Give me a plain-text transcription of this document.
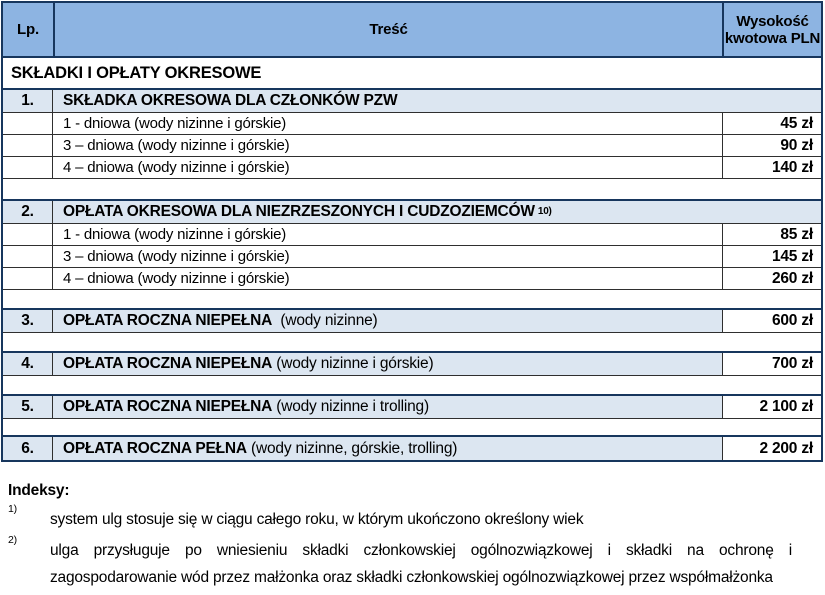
Lp.	Treść	Wysokość kwotowa PLN
SKŁADKI I OPŁATY OKRESOWE
1.	SKŁADKA OKRESOWA DLA CZŁONKÓW PZW
1 - dniowa (wody nizinne i górskie)	45 zł
3 – dniowa (wody nizinne i górskie)	90 zł
4 – dniowa (wody nizinne i górskie)	140 zł
2.	OPŁATA OKRESOWA DLA NIEZRZESZONYCH I CUDZOZIEMCÓW 10)
1 - dniowa (wody nizinne i górskie)	85 zł
3 – dniowa (wody nizinne i górskie)	145 zł
4 – dniowa (wody nizinne i górskie)	260 zł
3.	OPŁATA ROCZNA NIEPEŁNA (wody nizinne)	600 zł
4.	OPŁATA ROCZNA NIEPEŁNA (wody nizinne i górskie)	700 zł
5.	OPŁATA ROCZNA NIEPEŁNA (wody nizinne i trolling)	2 100 zł
6.	OPŁATA ROCZNA PEŁNA (wody nizinne, górskie, trolling)	2 200 zł
Indeksy:
1)
system ulg stosuje się w ciągu całego roku, w którym ukończono określony wiek
2)
ulga przysługuje po wniesieniu składki członkowskiej ogólnozwiązkowej i składki na ochronę i zagospodarowanie wód przez małżonka oraz składki członkowskiej ogólnozwiązkowej przez współmałżonka
